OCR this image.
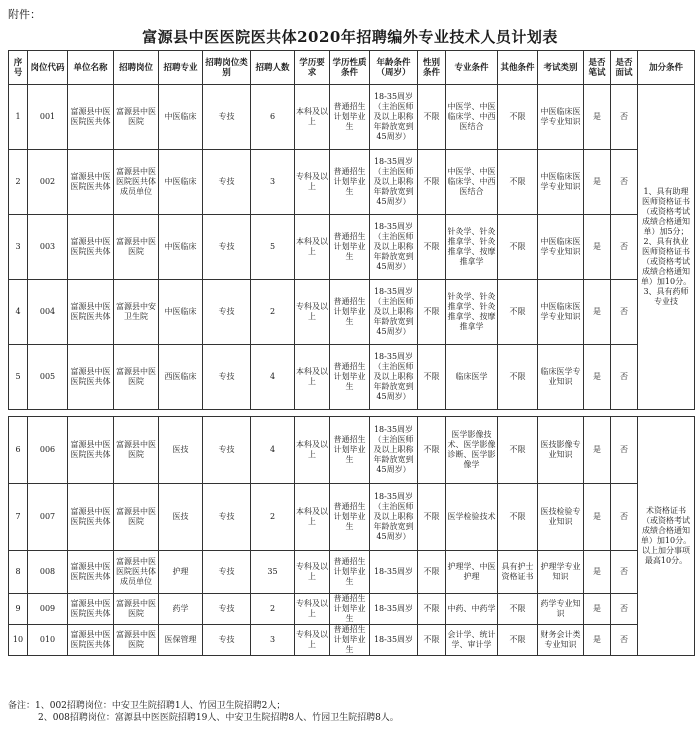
附件：
富源县中医医院医共体2020年招聘编外专业技术人员计划表
序号	岗位代码	单位名称	招聘岗位	招聘专业	招聘岗位类别	招聘人数	学历要求	学历性质条件	年龄条件（周岁）	性别条件	专业条件	其他条件	考试类别	是否笔试	是否面试	加分条件
1	001	富源县中医医院医共体	富源县中医医院	中医临床	专技	6	本科及以上	普通招生计划毕业生	18-35周岁（主治医师及以上职称年龄放宽到45周岁）	不限	中医学、中医临床学、中西医结合	不限	中医临床医学专业知识	是	否	1、具有助理医师资格证书（或资格考试成绩合格通知单）加5分；2、具有执业医师资格证书（或资格考试成绩合格通知单）加10分。3、具有药师专业技
2	002	富源县中医医院医共体	富源县中医医院医共体成员单位	中医临床	专技	3	专科及以上	普通招生计划毕业生	18-35周岁（主治医师及以上职称年龄放宽到45周岁）	不限	中医学、中医临床学、中西医结合	不限	中医临床医学专业知识	是	否	
3	003	富源县中医医院医共体	富源县中医医院	中医临床	专技	5	本科及以上	普通招生计划毕业生	18-35周岁（主治医师及以上职称年龄放宽到45周岁）	不限	针灸学、针灸推拿学、针灸推拿学、按摩推拿学	不限	中医临床医学专业知识	是	否	
4	004	富源县中医医院医共体	富源县中安卫生院	中医临床	专技	2	专科及以上	普通招生计划毕业生	18-35周岁（主治医师及以上职称年龄放宽到45周岁）	不限	针灸学、针灸推拿学、针灸推拿学、按摩推拿学	不限	中医临床医学专业知识	是	否	
5	005	富源县中医医院医共体	富源县中医医院	西医临床	专技	4	本科及以上	普通招生计划毕业生	18-35周岁（主治医师及以上职称年龄放宽到45周岁）	不限	临床医学	不限	临床医学专业知识	是	否	

6	006	富源县中医医院医共体	富源县中医医院	医技	专技	4	本科及以上	普通招生计划毕业生	18-35周岁（主治医师及以上职称年龄放宽到45周岁）	不限	医学影像技术、医学影像诊断、医学影像学	不限	医技影像专业知识	是	否	术资格证书（或资格考试成绩合格通知单）加10分。以上加分事项最高10分。
7	007	富源县中医医院医共体	富源县中医医院	医技	专技	2	本科及以上	普通招生计划毕业生	18-35周岁（主治医师及以上职称年龄放宽到45周岁）	不限	医学检验技术	不限	医技检验专业知识	是	否	
8	008	富源县中医医院医共体	富源县中医医院医共体成员单位	护理	专技	35	专科及以上	普通招生计划毕业生	18-35周岁	不限	护理学、中医护理	具有护士资格证书	护理学专业知识	是	否	
9	009	富源县中医医院医共体	富源县中医医院	药学	专技	2	专科及以上	普通招生计划毕业生	18-35周岁	不限	中药、中药学	不限	药学专业知识	是	否	
10	010	富源县中医医院医共体	富源县中医医院	医保管理	专技	3	专科及以上	普通招生计划毕业生	18-35周岁	不限	会计学、统计学、审计学	不限	财务会计类专业知识	是	否	
备注：1、002招聘岗位：中安卫生院招聘1人、竹园卫生院招聘2人；
2、008招聘岗位：富源县中医医院招聘19人、中安卫生院招聘8人、竹园卫生院招聘8人。
